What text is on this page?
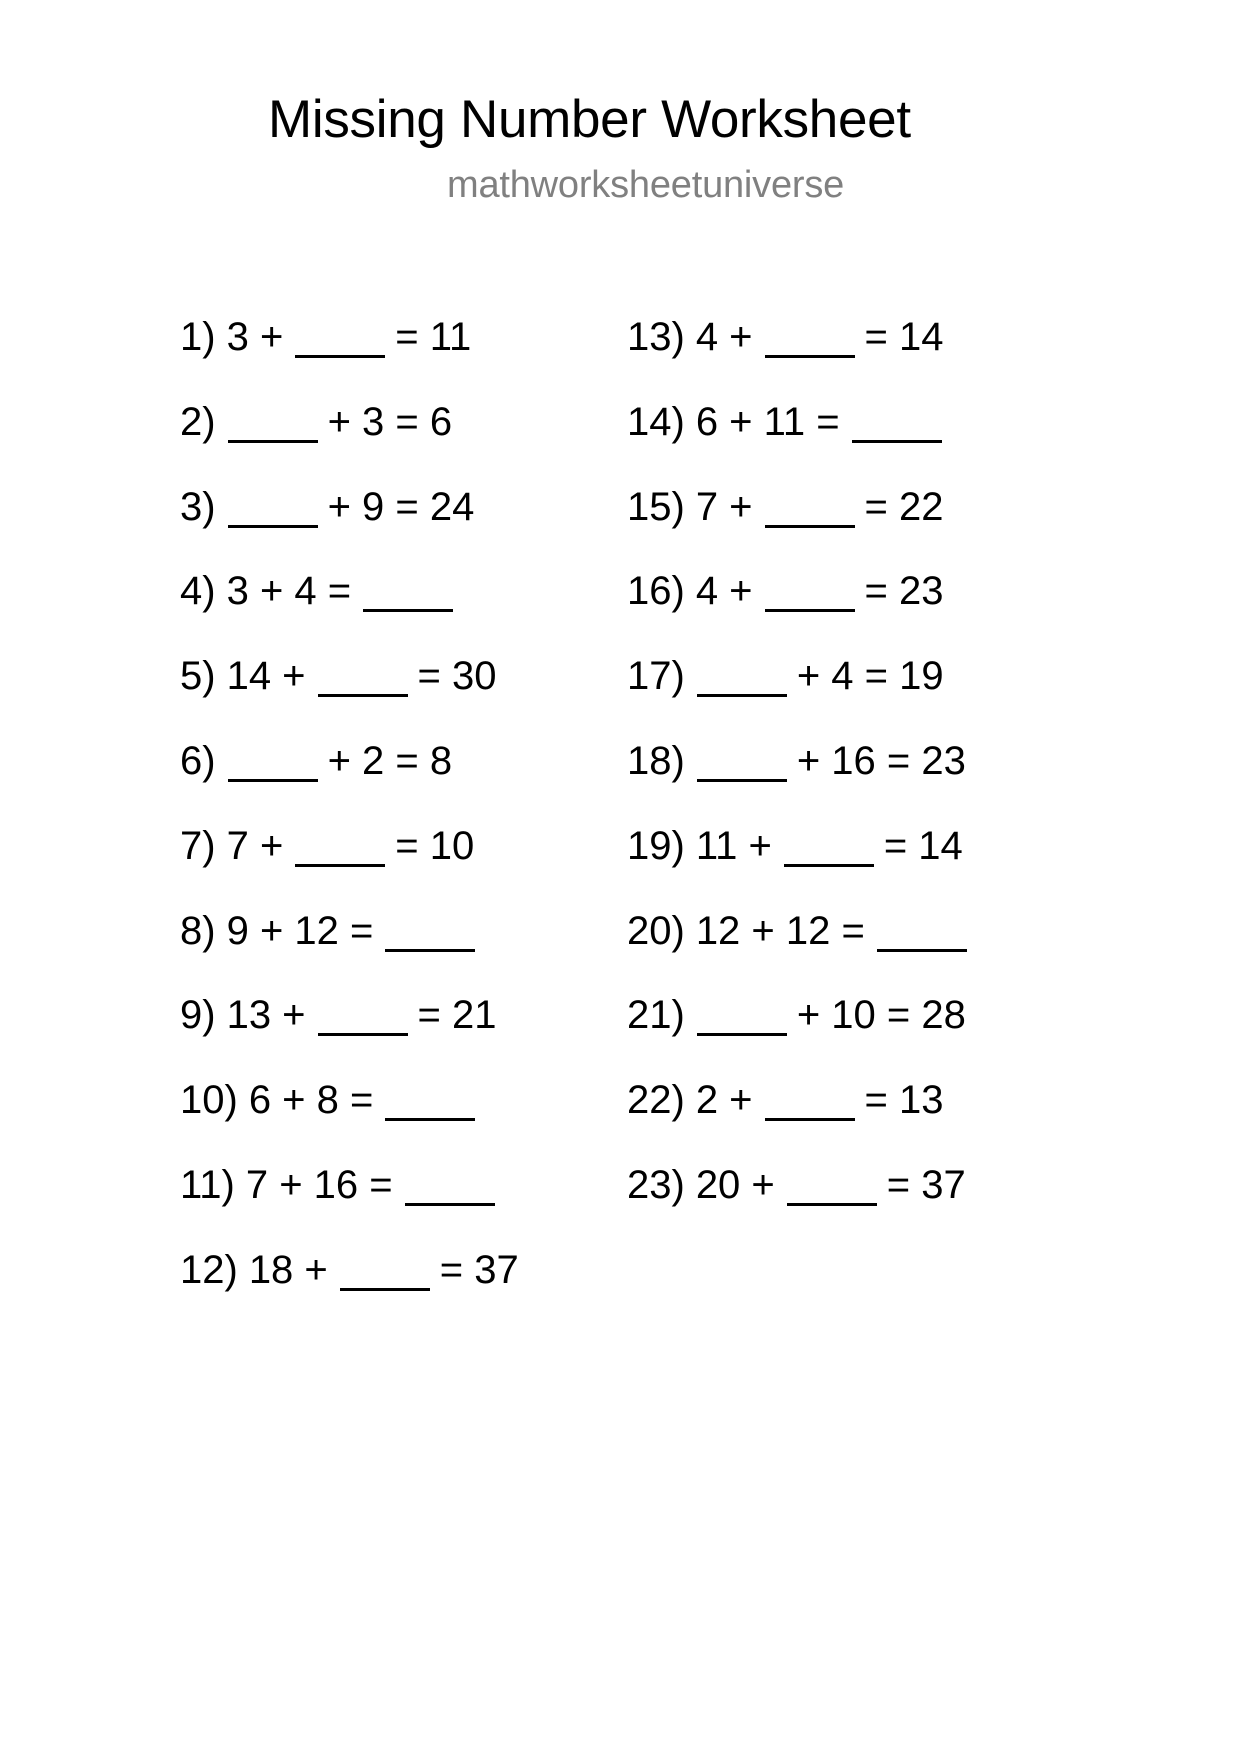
Missing Number Worksheet
mathworksheetuniverse
1) 3 +	= 11
2)	+ 3 = 6
3)	+ 9 = 24
4) 3 + 4 =
5) 14 +	= 30
6)	+ 2 = 8
7) 7 +	= 10
8) 9 + 12 =
9) 13 +	= 21
10) 6 + 8 =
11) 7 + 16 =
12) 18 +	= 37
13) 4 +	= 14
14) 6 + 11 =
15) 7 +	= 22
16) 4 +	= 23
17)	+ 4 = 19
18)	+ 16 = 23
19) 11 +	= 14
20) 12 + 12 =
21)	+ 10 = 28
22) 2 +	= 13
23) 20 +	= 37
